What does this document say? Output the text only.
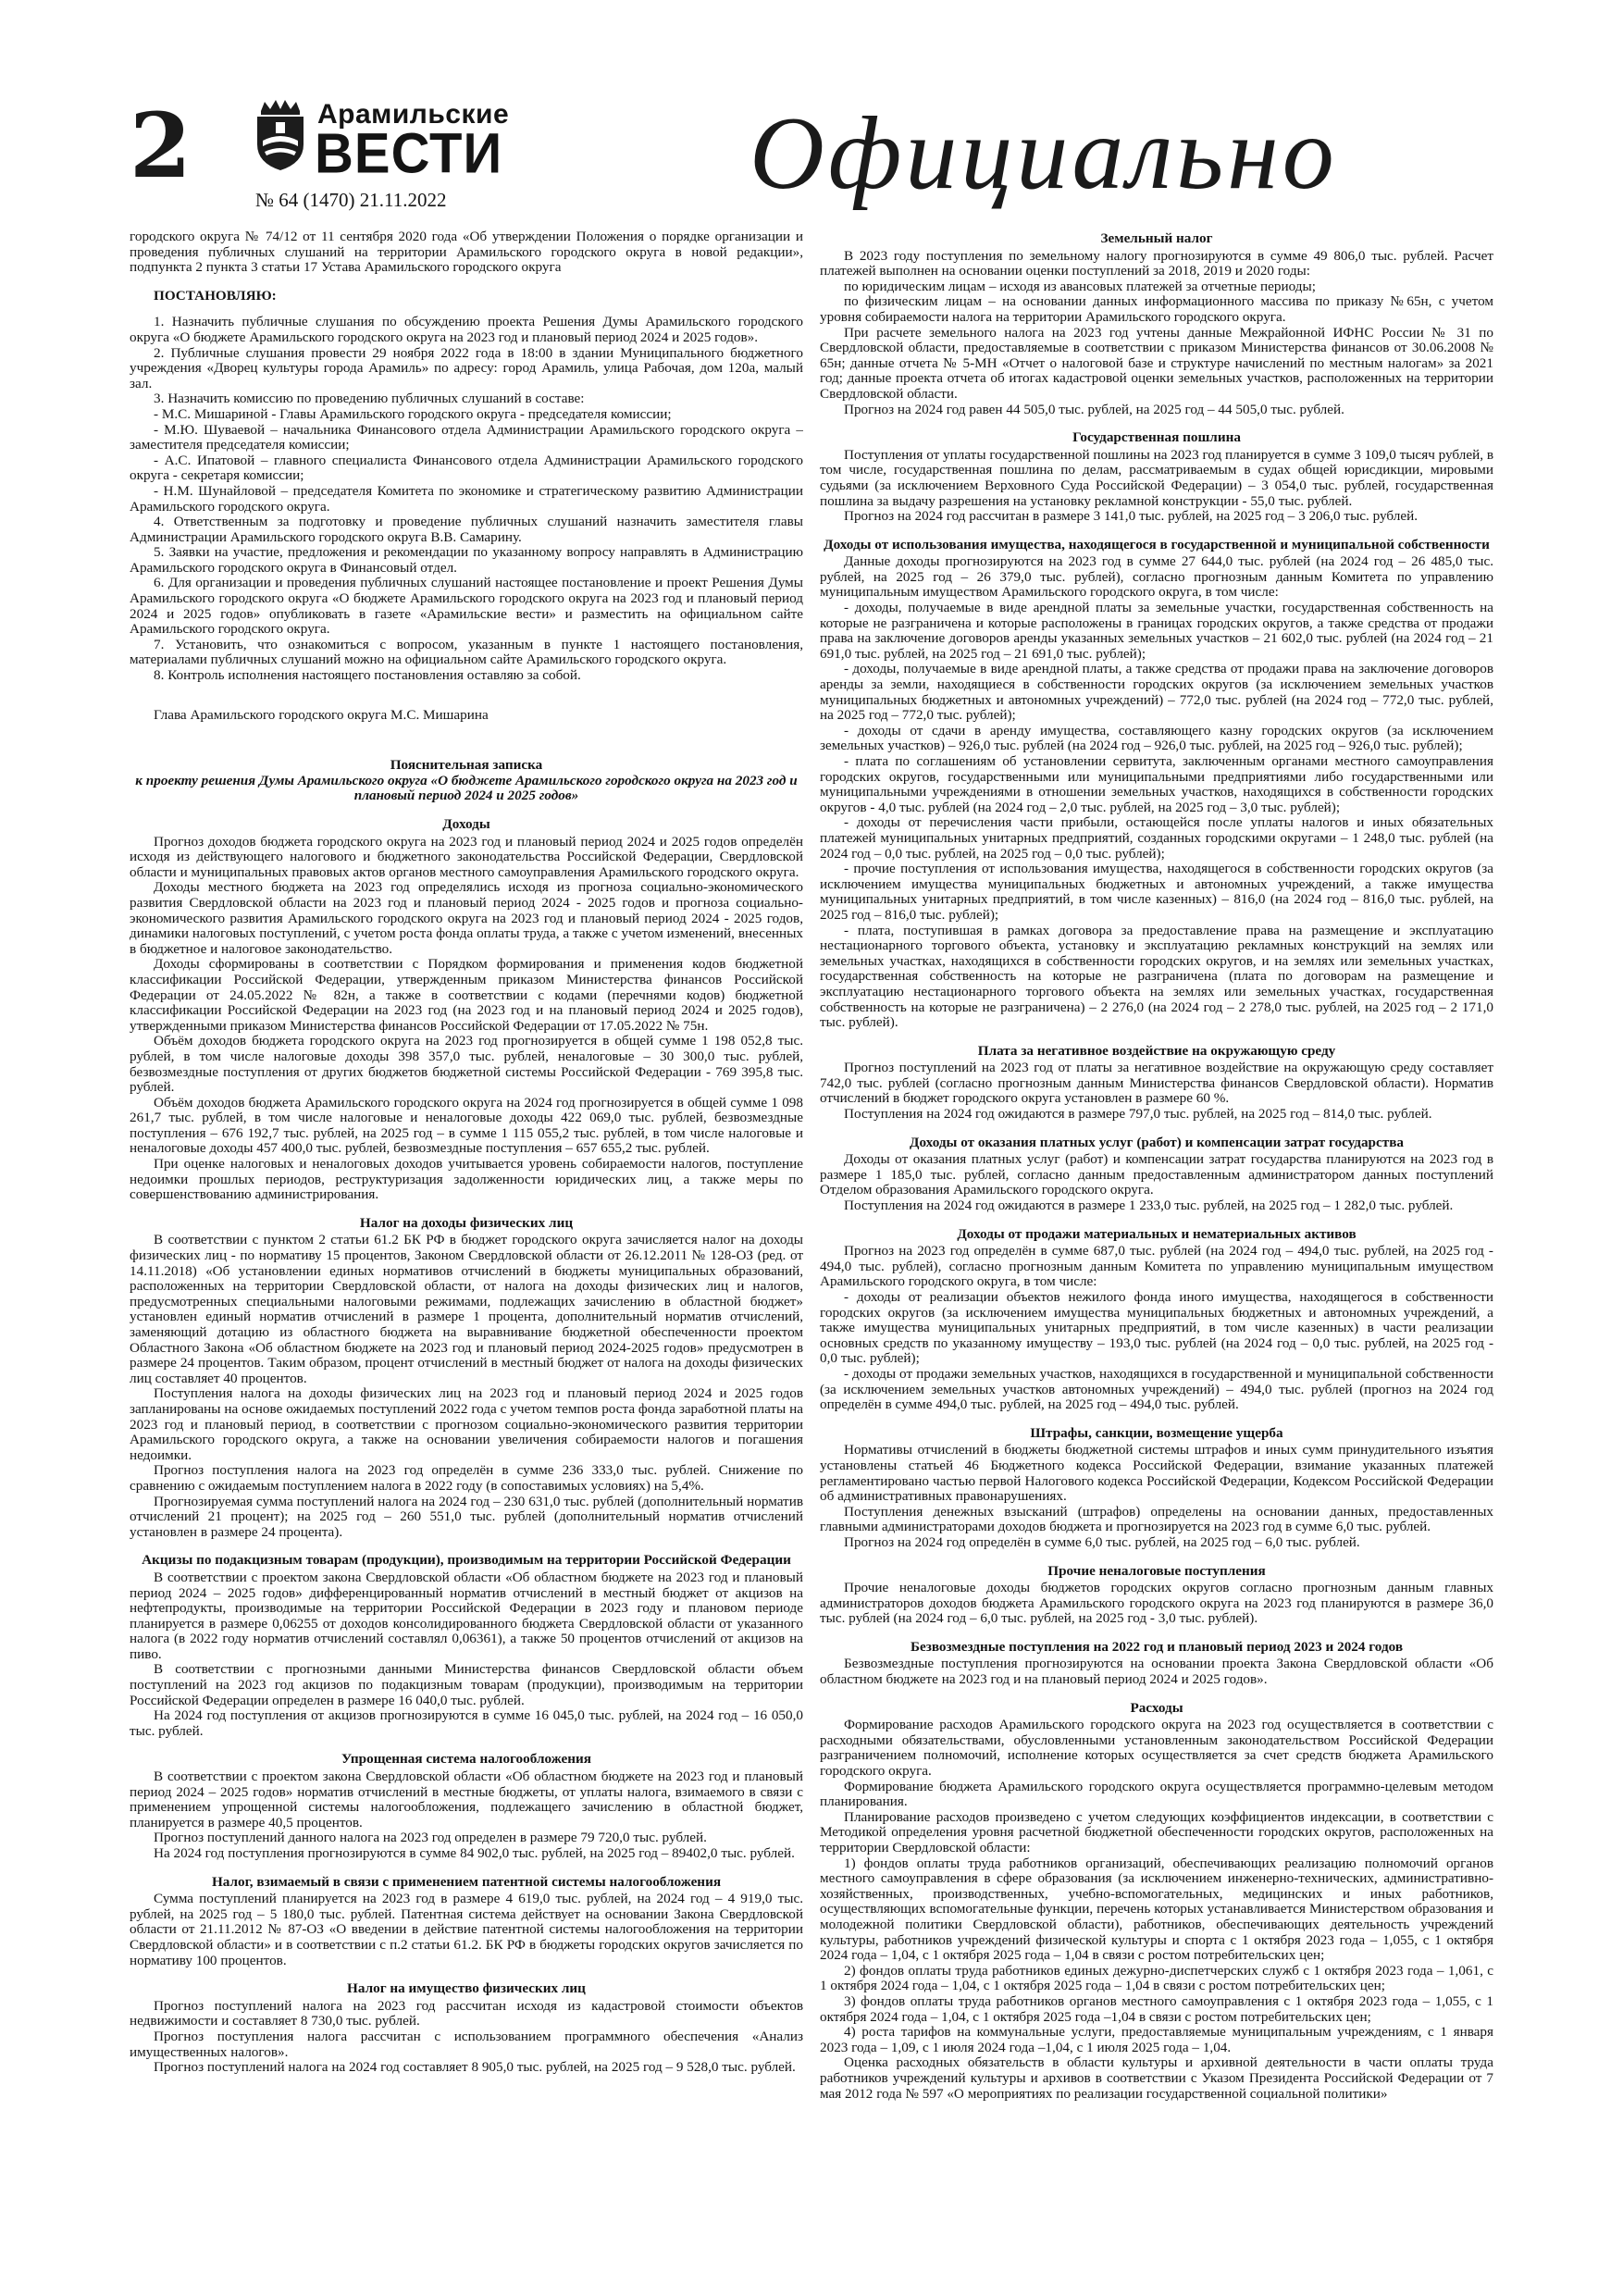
2	Арамильские
ВЕСТИ
№ 64 (1470) 21.11.2022	Официально

городского округа № 74/12 от 11 сентября 2020 года «Об утверждении Положения о порядке организации и проведения публичных слушаний на территории Арамильского городского округа в новой редакции», подпункта 2 пункта 3 статьи 17 Устава Арамильского городского округа

ПОСТАНОВЛЯЮ:

1. Назначить публичные слушания по обсуждению проекта Решения Думы Арамильского городского округа «О бюджете Арамильского городского округа на 2023 год и плановый период 2024 и 2025 годов».

2. Публичные слушания провести 29 ноября 2022 года в 18:00 в здании Муниципального бюджетного учреждения «Дворец культуры города Арамиль» по адресу: город Арамиль, улица Рабочая, дом 120а, малый зал.

3. Назначить комиссию по проведению публичных слушаний в составе:

- М.С. Мишариной - Главы Арамильского городского округа - председателя комиссии;

- М.Ю. Шуваевой – начальника Финансового отдела Администрации Арамильского городского округа – заместителя председателя комиссии;

- А.С. Ипатовой – главного специалиста Финансового отдела Администрации Арамильского городского округа - секретаря комиссии;

- Н.М. Шунайловой – председателя Комитета по экономике и стратегическому развитию Администрации Арамильского городского округа.

4. Ответственным за подготовку и проведение публичных слушаний назначить заместителя главы Администрации Арамильского городского округа В.В. Самарину.

5. Заявки на участие, предложения и рекомендации по указанному вопросу направлять в Администрацию Арамильского городского округа в Финансовый отдел.

6. Для организации и проведения публичных слушаний настоящее постановление и проект Решения Думы Арамильского городского округа «О бюджете Арамильского городского округа на 2023 год и плановый период 2024 и 2025 годов» опубликовать в газете «Арамильские вести» и разместить на официальном сайте Арамильского городского округа.

7. Установить, что ознакомиться с вопросом, указанным в пункте 1 настоящего постановления, материалами публичных слушаний можно на официальном сайте Арамильского городского округа.

8. Контроль исполнения настоящего постановления оставляю за собой.

Глава Арамильского городского округа М.С. Мишарина

Пояснительная записка
к проекту решения Думы Арамильского округа «О бюджете Арамильского городского округа на 2023 год и плановый период 2024 и 2025 годов»
Доходы

Прогноз доходов бюджета городского округа на 2023 год и плановый период 2024 и 2025 годов определён исходя из действующего налогового и бюджетного законодательства Российской Федерации, Свердловской области и муниципальных правовых актов органов местного самоуправления Арамильского городского округа.

Доходы местного бюджета на 2023 год определялись исходя из прогноза социально-экономического развития Свердловской области на 2023 год и плановый период 2024 - 2025 годов и прогноза социально-экономического развития Арамильского городского округа на 2023 год и плановый период 2024 - 2025 годов, динамики налоговых поступлений, с учетом роста фонда оплаты труда, а также с учетом изменений, внесенных в бюджетное и налоговое законодательство.

Доходы сформированы в соответствии с Порядком формирования и применения кодов бюджетной классификации Российской Федерации, утвержденным приказом Министерства финансов Российской Федерации от 24.05.2022 № 82н, а также в соответствии с кодами (перечнями кодов) бюджетной классификации Российской Федерации на 2023 год (на 2023 год и на плановый период 2024 и 2025 годов), утвержденными приказом Министерства финансов Российской Федерации от 17.05.2022 № 75н.

Объём доходов бюджета городского округа на 2023 год прогнозируется в общей сумме 1 198 052,8 тыс. рублей, в том числе налоговые доходы 398 357,0 тыс. рублей, неналоговые – 30 300,0 тыс. рублей, безвозмездные поступления от других бюджетов бюджетной системы Российской Федерации - 769 395,8 тыс. рублей.

Объём доходов бюджета Арамильского городского округа на 2024 год прогнозируется в общей сумме 1 098 261,7 тыс. рублей, в том числе налоговые и неналоговые доходы 422 069,0 тыс. рублей, безвозмездные поступления – 676 192,7 тыс. рублей, на 2025 год – в сумме 1 115 055,2 тыс. рублей, в том числе налоговые и неналоговые доходы 457 400,0 тыс. рублей, безвозмездные поступления – 657 655,2 тыс. рублей.

При оценке налоговых и неналоговых доходов учитывается уровень собираемости налогов, поступление недоимки прошлых периодов, реструктуризация задолженности юридических лиц, а также меры по совершенствованию администрирования.

Налог на доходы физических лиц

В соответствии с пунктом 2 статьи 61.2 БК РФ в бюджет городского округа зачисляется налог на доходы физических лиц - по нормативу 15 процентов, Законом Свердловской области от 26.12.2011 № 128-ОЗ (ред. от 14.11.2018) «Об установлении единых нормативов отчислений в бюджеты муниципальных образований, расположенных на территории Свердловской области, от налога на доходы физических лиц и налогов, предусмотренных специальными налоговыми режимами, подлежащих зачислению в областной бюджет» установлен единый норматив отчислений в размере 1 процента, дополнительный норматив отчислений, заменяющий дотацию из областного бюджета на выравнивание бюджетной обеспеченности проектом Областного Закона «Об областном бюджете на 2023 год и плановый период 2024-2025 годов» предусмотрен в размере 24 процентов. Таким образом, процент отчислений в местный бюджет от налога на доходы физических лиц составляет 40 процентов.

Поступления налога на доходы физических лиц на 2023 год и плановый период 2024 и 2025 годов запланированы на основе ожидаемых поступлений 2022 года с учетом темпов роста фонда заработной платы на 2023 год и плановый период, в соответствии с прогнозом социально-экономического развития территории Арамильского городского округа, а также на основании увеличения собираемости налогов и погашения недоимки.

Прогноз поступления налога на 2023 год определён в сумме 236 333,0 тыс. рублей. Снижение по сравнению с ожидаемым поступлением налога в 2022 году (в сопоставимых условиях) на 5,4%.

Прогнозируемая сумма поступлений налога на 2024 год – 230 631,0 тыс. рублей (дополнительный норматив отчислений 21 процент); на 2025 год – 260 551,0 тыс. рублей (дополнительный норматив отчислений установлен в размере 24 процента).

Акцизы по подакцизным товарам (продукции), производимым на территории Российской Федерации

В соответствии с проектом закона Свердловской области «Об областном бюджете на 2023 год и плановый период 2024 – 2025 годов» дифференцированный норматив отчислений в местный бюджет от акцизов на нефтепродукты, производимые на территории Российской Федерации в 2023 году и плановом периоде планируется в размере 0,06255 от доходов консолидированного бюджета Свердловской области от указанного налога (в 2022 году норматив отчислений составлял 0,06361), а также 50 процентов отчислений от акцизов на пиво.

В соответствии с прогнозными данными Министерства финансов Свердловской области объем поступлений на 2023 год акцизов по подакцизным товарам (продукции), производимым на территории Российской Федерации определен в размере 16 040,0 тыс. рублей.

На 2024 год поступления от акцизов прогнозируются в сумме 16 045,0 тыс. рублей, на 2024 год – 16 050,0 тыс. рублей.

Упрощенная система налогообложения

В соответствии с проектом закона Свердловской области «Об областном бюджете на 2023 год и плановый период 2024 – 2025 годов» норматив отчислений в местные бюджеты, от уплаты налога, взимаемого в связи с применением упрощенной системы налогообложения, подлежащего зачислению в областной бюджет, планируется в размере 40,5 процентов.

Прогноз поступлений данного налога на 2023 год определен в размере 79 720,0 тыс. рублей.

На 2024 год поступления прогнозируются в сумме 84 902,0 тыс. рублей, на 2025 год – 89402,0 тыс. рублей.

Налог, взимаемый в связи с применением патентной системы налогообложения

Сумма поступлений планируется на 2023 год в размере 4 619,0 тыс. рублей, на 2024 год – 4 919,0 тыс. рублей, на 2025 год – 5 180,0 тыс. рублей. Патентная система действует на основании Закона Свердловской области от 21.11.2012 № 87-ОЗ «О введении в действие патентной системы налогообложения на территории Свердловской области» и в соответствии с п.2 статьи 61.2. БК РФ в бюджеты городских округов зачисляется по нормативу 100 процентов.

Налог на имущество физических лиц

Прогноз поступлений налога на 2023 год рассчитан исходя из кадастровой стоимости объектов недвижимости и составляет 8 730,0 тыс. рублей.

Прогноз поступления налога рассчитан с использованием программного обеспечения «Анализ имущественных налогов».

Прогноз поступлений налога на 2024 год составляет 8 905,0 тыс. рублей, на 2025 год – 9 528,0 тыс. рублей.

Земельный налог

В 2023 году поступления по земельному налогу прогнозируются в сумме 49 806,0 тыс. рублей. Расчет платежей выполнен на основании оценки поступлений за 2018, 2019 и 2020 годы:

по юридическим лицам – исходя из авансовых платежей за отчетные периоды;

по физическим лицам – на основании данных информационного массива по приказу №65н, с учетом уровня собираемости налога на территории Арамильского городского округа.

При расчете земельного налога на 2023 год учтены данные Межрайонной ИФНС России № 31 по Свердловской области, предоставляемые в соответствии с приказом Министерства финансов от 30.06.2008 № 65н; данные отчета № 5-МН «Отчет о налоговой базе и структуре начислений по местным налогам» за 2021 год; данные проекта отчета об итогах кадастровой оценки земельных участков, расположенных на территории Свердловской области.

Прогноз на 2024 год равен 44 505,0 тыс. рублей, на 2025 год – 44 505,0 тыс. рублей.

Государственная пошлина

Поступления от уплаты государственной пошлины на 2023 год планируется в сумме 3 109,0 тысяч рублей, в том числе, государственная пошлина по делам, рассматриваемым в судах общей юрисдикции, мировыми судьями (за исключением Верховного Суда Российской Федерации) – 3 054,0 тыс. рублей, государственная пошлина за выдачу разрешения на установку рекламной конструкции - 55,0 тыс. рублей.

Прогноз на 2024 год рассчитан в размере 3 141,0 тыс. рублей, на 2025 год – 3 206,0 тыс. рублей.

Доходы от использования имущества, находящегося в государственной и муниципальной собственности

Данные доходы прогнозируются на 2023 год в сумме 27 644,0 тыс. рублей (на 2024 год – 26 485,0 тыс. рублей, на 2025 год – 26 379,0 тыс. рублей), согласно прогнозным данным Комитета по управлению муниципальным имуществом Арамильского городского округа, в том числе:

- доходы, получаемые в виде арендной платы за земельные участки, государственная собственность на которые не разграничена и которые расположены в границах городских округов, а также средства от продажи права на заключение договоров аренды указанных земельных участков – 21 602,0 тыс. рублей (на 2024 год – 21 691,0 тыс. рублей, на 2025 год – 21 691,0 тыс. рублей);

- доходы, получаемые в виде арендной платы, а также средства от продажи права на заключение договоров аренды за земли, находящиеся в собственности городских округов (за исключением земельных участков муниципальных бюджетных и автономных учреждений) – 772,0 тыс. рублей (на 2024 год – 772,0 тыс. рублей, на 2025 год – 772,0 тыс. рублей);

- доходы от сдачи в аренду имущества, составляющего казну городских округов (за исключением земельных участков) – 926,0 тыс. рублей (на 2024 год – 926,0 тыс. рублей, на 2025 год – 926,0 тыс. рублей);

- плата по соглашениям об установлении сервитута, заключенным органами местного самоуправления городских округов, государственными или муниципальными предприятиями либо государственными или муниципальными учреждениями в отношении земельных участков, находящихся в собственности городских округов - 4,0 тыс. рублей (на 2024 год – 2,0 тыс. рублей, на 2025 год – 3,0 тыс. рублей);

- доходы от перечисления части прибыли, остающейся после уплаты налогов и иных обязательных платежей муниципальных унитарных предприятий, созданных городскими округами – 1 248,0 тыс. рублей (на 2024 год – 0,0 тыс. рублей, на 2025 год – 0,0 тыс. рублей);

- прочие поступления от использования имущества, находящегося в собственности городских округов (за исключением имущества муниципальных бюджетных и автономных учреждений, а также имущества муниципальных унитарных предприятий, в том числе казенных) – 816,0 (на 2024 год – 816,0 тыс. рублей, на 2025 год – 816,0 тыс. рублей);

- плата, поступившая в рамках договора за предоставление права на размещение и эксплуатацию нестационарного торгового объекта, установку и эксплуатацию рекламных конструкций на землях или земельных участках, находящихся в собственности городских округов, и на землях или земельных участках, государственная собственность на которые не разграничена (плата по договорам на размещение и эксплуатацию нестационарного торгового объекта на землях или земельных участках, государственная собственность на которые не разграничена) – 2 276,0 (на 2024 год – 2 278,0 тыс. рублей, на 2025 год – 2 171,0 тыс. рублей).

Плата за негативное воздействие на окружающую среду

Прогноз поступлений на 2023 год от платы за негативное воздействие на окружающую среду составляет 742,0 тыс. рублей (согласно прогнозным данным Министерства финансов Свердловской области). Норматив отчислений в бюджет городского округа установлен в размере 60 %.

Поступления на 2024 год ожидаются в размере 797,0 тыс. рублей, на 2025 год – 814,0 тыс. рублей.

Доходы от оказания платных услуг (работ) и компенсации затрат государства

Доходы от оказания платных услуг (работ) и компенсации затрат государства планируются на 2023 год в размере 1 185,0 тыс. рублей, согласно данным предоставленным администратором данных поступлений Отделом образования Арамильского городского округа.

Поступления на 2024 год ожидаются в размере 1 233,0 тыс. рублей, на 2025 год – 1 282,0 тыс. рублей.

Доходы от продажи материальных и нематериальных активов

Прогноз на 2023 год определён в сумме 687,0 тыс. рублей (на 2024 год – 494,0 тыс. рублей, на 2025 год - 494,0 тыс. рублей), согласно прогнозным данным Комитета по управлению муниципальным имуществом Арамильского городского округа, в том числе:

- доходы от реализации объектов нежилого фонда иного имущества, находящегося в собственности городских округов (за исключением имущества муниципальных бюджетных и автономных учреждений, а также имущества муниципальных унитарных предприятий, в том числе казенных) в части реализации основных средств по указанному имуществу – 193,0 тыс. рублей (на 2024 год – 0,0 тыс. рублей, на 2025 год - 0,0 тыс. рублей);

- доходы от продажи земельных участков, находящихся в государственной и муниципальной собственности (за исключением земельных участков автономных учреждений) – 494,0 тыс. рублей (прогноз на 2024 год определён в сумме 494,0 тыс. рублей, на 2025 год – 494,0 тыс. рублей.

Штрафы, санкции, возмещение ущерба

Нормативы отчислений в бюджеты бюджетной системы штрафов и иных сумм принудительного изъятия установлены статьей 46 Бюджетного кодекса Российской Федерации, взимание указанных платежей регламентировано частью первой Налогового кодекса Российской Федерации, Кодексом Российской Федерации об административных правонарушениях.

Поступления денежных взысканий (штрафов) определены на основании данных, предоставленных главными администраторами доходов бюджета и прогнозируется на 2023 год в сумме 6,0 тыс. рублей.

Прогноз на 2024 год определён в сумме 6,0 тыс. рублей, на 2025 год – 6,0 тыс. рублей.

Прочие неналоговые поступления

Прочие неналоговые доходы бюджетов городских округов согласно прогнозным данным главных администраторов доходов бюджета Арамильского городского округа на 2023 год планируются в размере 36,0 тыс. рублей (на 2024 год – 6,0 тыс. рублей, на 2025 год - 3,0 тыс. рублей).

Безвозмездные поступления на 2022 год и плановый период 2023 и 2024 годов

Безвозмездные поступления прогнозируются на основании проекта Закона Свердловской области «Об областном бюджете на 2023 год и на плановый период 2024 и 2025 годов».

Расходы

Формирование расходов Арамильского городского округа на 2023 год осуществляется в соответствии с расходными обязательствами, обусловленными установленным законодательством Российской Федерации разграничением полномочий, исполнение которых осуществляется за счет средств бюджета Арамильского городского округа.

Формирование бюджета Арамильского городского округа осуществляется программно-целевым методом планирования.

Планирование расходов произведено с учетом следующих коэффициентов индексации, в соответствии с Методикой определения уровня расчетной бюджетной обеспеченности городских округов, расположенных на территории Свердловской области:

1) фондов оплаты труда работников организаций, обеспечивающих реализацию полномочий органов местного самоуправления в сфере образования (за исключением инженерно-технических, административно-хозяйственных, производственных, учебно-вспомогательных, медицинских и иных работников, осуществляющих вспомогательные функции, перечень которых устанавливается Министерством образования и молодежной политики Свердловской области), работников, обеспечивающих деятельность учреждений культуры, работников учреждений физической культуры и спорта с 1 октября 2023 года – 1,055, с 1 октября 2024 года – 1,04, с 1 октября 2025 года – 1,04 в связи с ростом потребительских цен;

2) фондов оплаты труда работников единых дежурно-диспетчерских служб с 1 октября 2023 года – 1,061, с 1 октября 2024 года – 1,04, с 1 октября 2025 года – 1,04 в связи с ростом потребительских цен;

3) фондов оплаты труда работников органов местного самоуправления с 1 октября 2023 года – 1,055, с 1 октября 2024 года – 1,04, с 1 октября 2025 года –1,04 в связи с ростом потребительских цен;

4) роста тарифов на коммунальные услуги, предоставляемые муниципальным учреждениям, с 1 января 2023 года – 1,09, с 1 июля 2024 года –1,04, с 1 июля 2025 года – 1,04.

Оценка расходных обязательств в области культуры и архивной деятельности в части оплаты труда работников учреждений культуры и архивов в соответствии с Указом Президента Российской Федерации от 7 мая 2012 года № 597 «О мероприятиях по реализации государственной социальной политики»
